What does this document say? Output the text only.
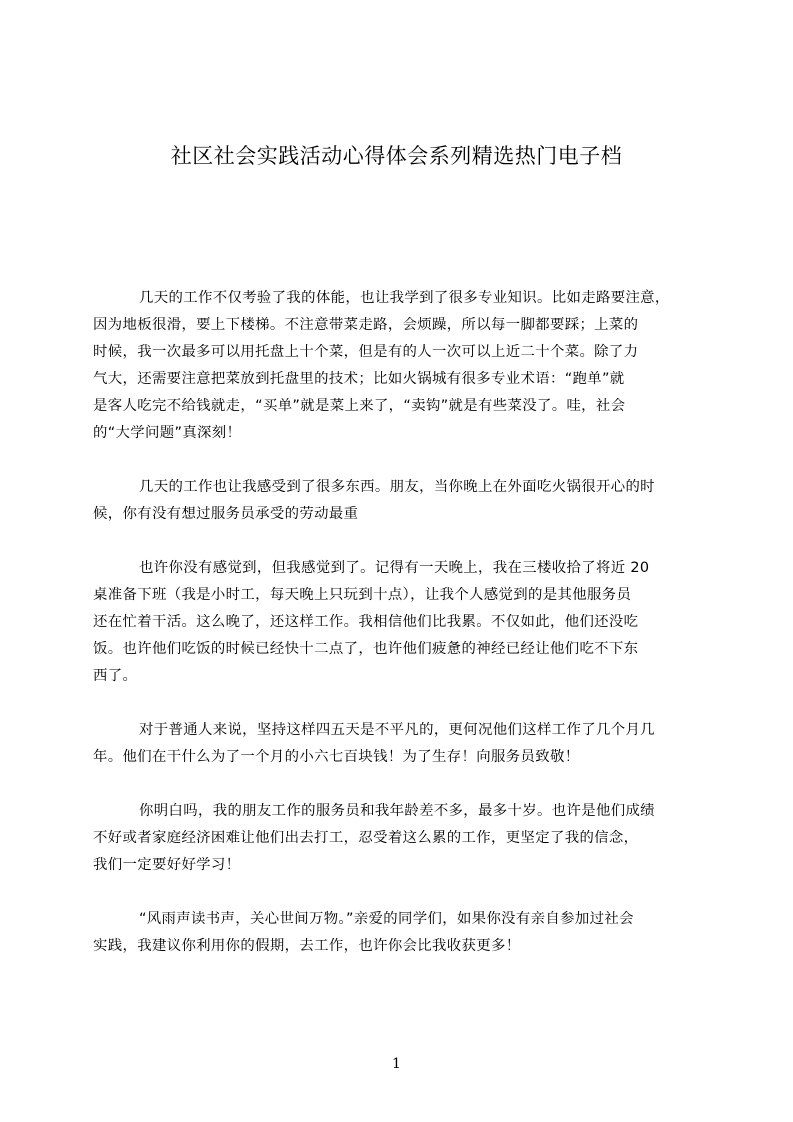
社区社会实践活动心得体会系列精选热门电子档
几天的工作不仅考验了我的体能，也让我学到了很多专业知识。比如走路要注意，
因为地板很滑，要上下楼梯。不注意带菜走路，会烦躁，所以每一脚都要踩；上菜的
时候，我一次最多可以用托盘上十个菜，但是有的人一次可以上近二十个菜。除了力
气大，还需要注意把菜放到托盘里的技术；比如火锅城有很多专业术语：“跑单”就
是客人吃完不给钱就走，“买单”就是菜上来了，“卖钩”就是有些菜没了。哇，社会
的“大学问题”真深刻！
几天的工作也让我感受到了很多东西。朋友，当你晚上在外面吃火锅很开心的时
候，你有没有想过服务员承受的劳动最重
也许你没有感觉到，但我感觉到了。记得有一天晚上，我在三楼收拾了将近 20
桌准备下班（我是小时工，每天晚上只玩到十点），让我个人感觉到的是其他服务员
还在忙着干活。这么晚了，还这样工作。我相信他们比我累。不仅如此，他们还没吃
饭。也许他们吃饭的时候已经快十二点了，也许他们疲惫的神经已经让他们吃不下东
西了。
对于普通人来说，坚持这样四五天是不平凡的，更何况他们这样工作了几个月几
年。他们在干什么为了一个月的小六七百块钱！为了生存！向服务员致敬！
你明白吗，我的朋友工作的服务员和我年龄差不多，最多十岁。也许是他们成绩
不好或者家庭经济困难让他们出去打工，忍受着这么累的工作，更坚定了我的信念，
我们一定要好好学习！
“风雨声读书声，关心世间万物。”亲爱的同学们，如果你没有亲自参加过社会
实践，我建议你利用你的假期，去工作，也许你会比我收获更多！
1
